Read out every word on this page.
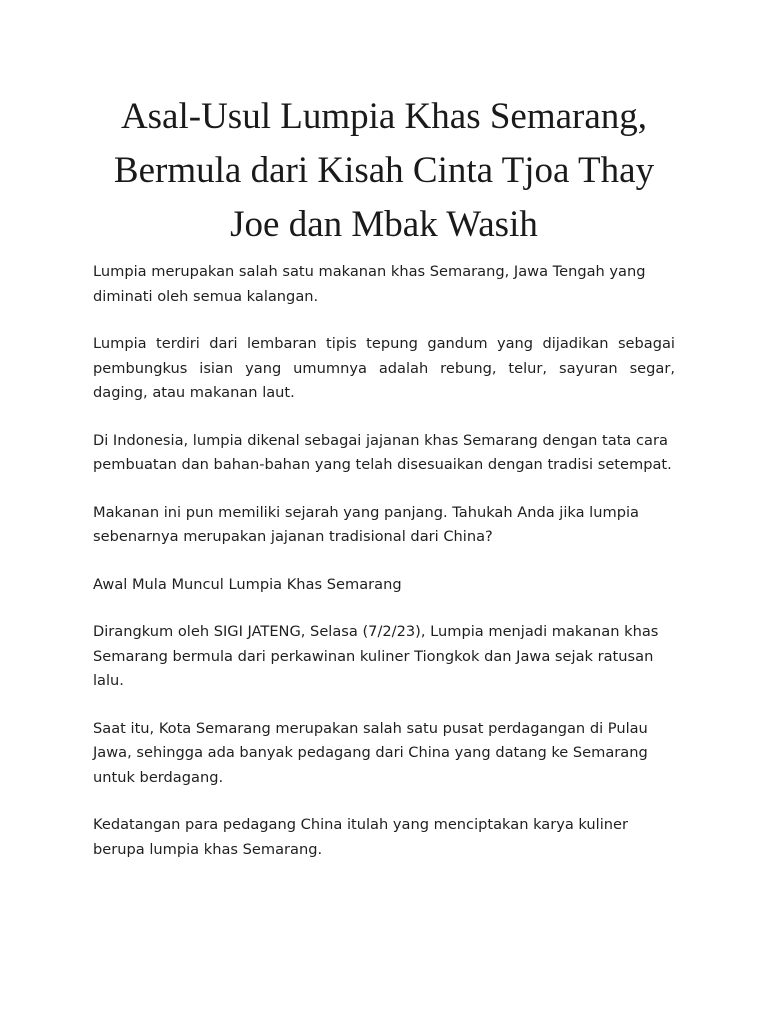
Asal-Usul Lumpia Khas Semarang, Bermula dari Kisah Cinta Tjoa Thay Joe dan Mbak Wasih

Lumpia merupakan salah satu makanan khas Semarang, Jawa Tengah yang diminati oleh semua kalangan.

Lumpia terdiri dari lembaran tipis tepung gandum yang dijadikan sebagai pembungkus isian yang umumnya adalah rebung, telur, sayuran segar, daging, atau makanan laut.

Di Indonesia, lumpia dikenal sebagai jajanan khas Semarang dengan tata cara pembuatan dan bahan-bahan yang telah disesuaikan dengan tradisi setempat.

Makanan ini pun memiliki sejarah yang panjang. Tahukah Anda jika lumpia sebenarnya merupakan jajanan tradisional dari China?

Awal Mula Muncul Lumpia Khas Semarang

Dirangkum oleh SIGI JATENG, Selasa (7/2/23), Lumpia menjadi makanan khas Semarang bermula dari perkawinan kuliner Tiongkok dan Jawa sejak ratusan lalu.

Saat itu, Kota Semarang merupakan salah satu pusat perdagangan di Pulau Jawa, sehingga ada banyak pedagang dari China yang datang ke Semarang untuk berdagang.

Kedatangan para pedagang China itulah yang menciptakan karya kuliner berupa lumpia khas Semarang.
